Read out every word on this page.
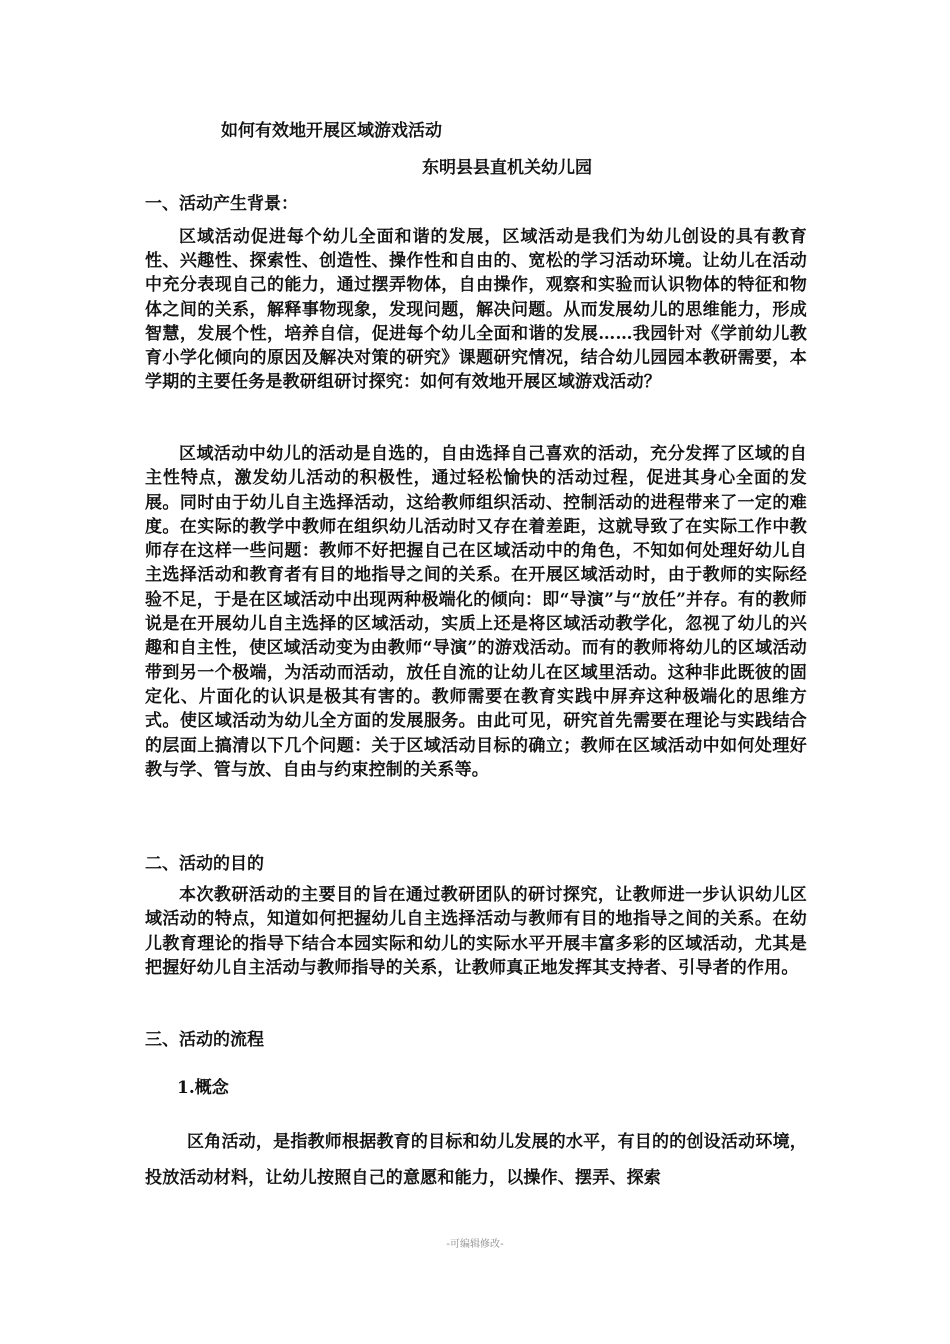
如何有效地开展区域游戏活动
东明县县直机关幼儿园
一、活动产生背景：

区域活动促进每个幼儿全面和谐的发展，区域活动是我们为幼儿创设的具有教育性、兴趣性、探索性、创造性、操作性和自由的、宽松的学习活动环境。让幼儿在活动中充分表现自己的能力，通过摆弄物体，自由操作，观察和实验而认识物体的特征和物体之间的关系，解释事物现象，发现问题，解决问题。从而发展幼儿的思维能力，形成智慧，发展个性，培养自信，促进每个幼儿全面和谐的发展……我园针对《学前幼儿教育小学化倾向的原因及解决对策的研究》课题研究情况，结合幼儿园园本教研需要，本学期的主要任务是教研组研讨探究：如何有效地开展区域游戏活动？

区域活动中幼儿的活动是自选的，自由选择自己喜欢的活动，充分发挥了区域的自主性特点，激发幼儿活动的积极性，通过轻松愉快的活动过程，促进其身心全面的发展。同时由于幼儿自主选择活动，这给教师组织活动、控制活动的进程带来了一定的难度。在实际的教学中教师在组织幼儿活动时又存在着差距，这就导致了在实际工作中教师存在这样一些问题：教师不好把握自己在区域活动中的角色，不知如何处理好幼儿自主选择活动和教育者有目的地指导之间的关系。在开展区域活动时，由于教师的实际经验不足，于是在区域活动中出现两种极端化的倾向：即“导演”与“放任”并存。有的教师说是在开展幼儿自主选择的区域活动，实质上还是将区域活动教学化，忽视了幼儿的兴趣和自主性，使区域活动变为由教师“导演”的游戏活动。而有的教师将幼儿的区域活动带到另一个极端，为活动而活动，放任自流的让幼儿在区域里活动。这种非此既彼的固定化、片面化的认识是极其有害的。教师需要在教育实践中屏弃这种极端化的思维方式。使区域活动为幼儿全方面的发展服务。由此可见，研究首先需要在理论与实践结合的层面上搞清以下几个问题：关于区域活动目标的确立；教师在区域活动中如何处理好教与学、管与放、自由与约束控制的关系等。

二、活动的目的

本次教研活动的主要目的旨在通过教研团队的研讨探究，让教师进一步认识幼儿区域活动的特点，知道如何把握幼儿自主选择活动与教师有目的地指导之间的关系。在幼儿教育理论的指导下结合本园实际和幼儿的实际水平开展丰富多彩的区域活动，尤其是把握好幼儿自主活动与教师指导的关系，让教师真正地发挥其支持者、引导者的作用。

三、活动的流程
1.概念

区角活动，是指教师根据教育的目标和幼儿发展的水平，有目的的创设活动环境，投放活动材料，让幼儿按照自己的意愿和能力，以操作、摆弄、探索

-可编辑修改-
